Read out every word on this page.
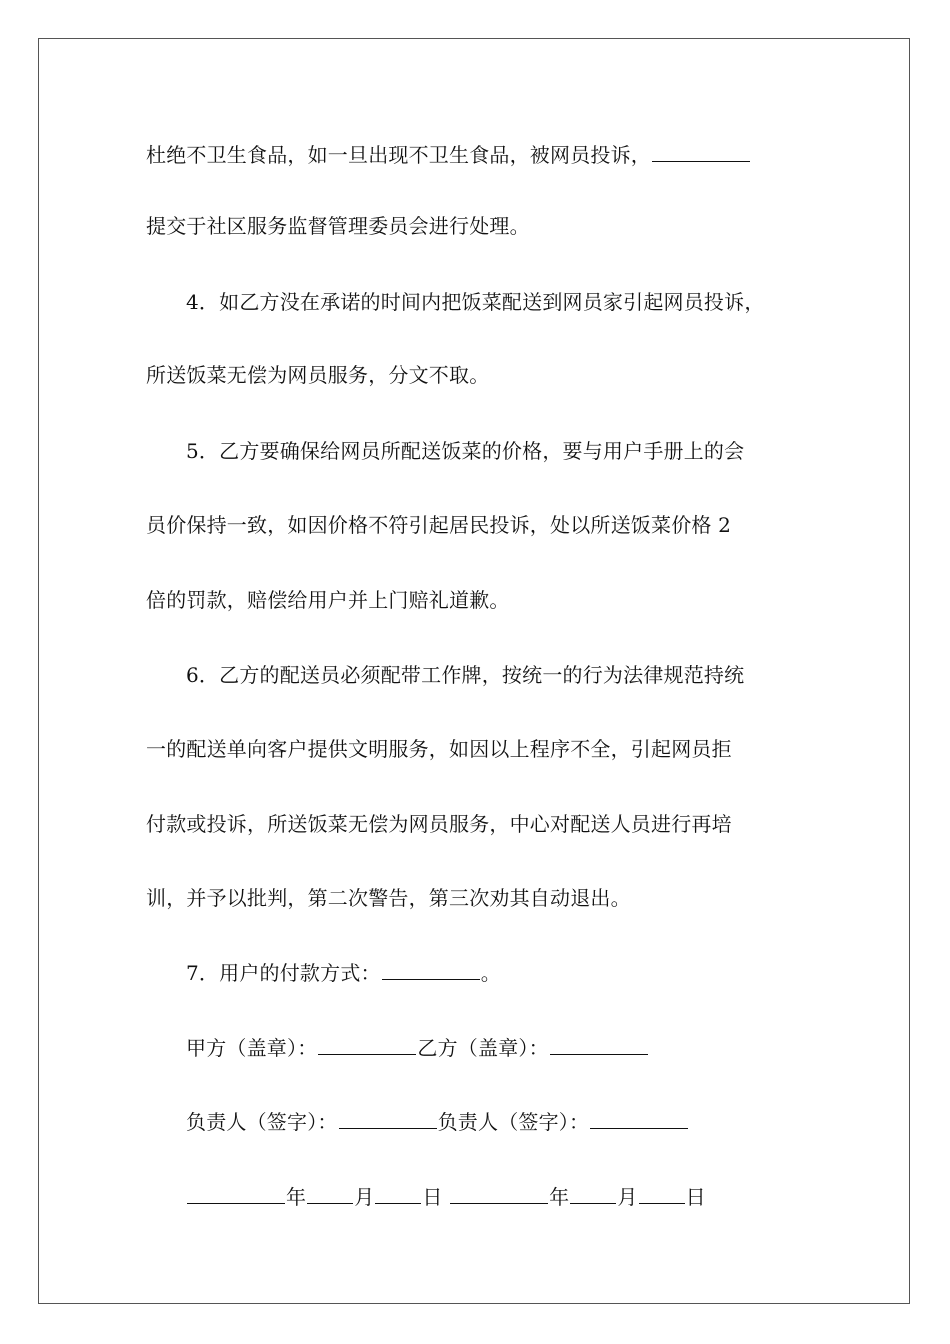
杜绝不卫生食品，如一旦出现不卫生食品，被网员投诉，
提交于社区服务监督管理委员会进行处理。
4．如乙方没在承诺的时间内把饭菜配送到网员家引起网员投诉，
所送饭菜无偿为网员服务，分文不取。
5．乙方要确保给网员所配送饭菜的价格，要与用户手册上的会
员价保持一致，如因价格不符引起居民投诉，处以所送饭菜价格 2
倍的罚款，赔偿给用户并上门赔礼道歉。
6．乙方的配送员必须配带工作牌，按统一的行为法律规范持统
一的配送单向客户提供文明服务，如因以上程序不全，引起网员拒
付款或投诉，所送饭菜无偿为网员服务，中心对配送人员进行再培
训，并予以批判，第二次警告，第三次劝其自动退出。
7．用户的付款方式：	。
甲方（盖章）：	乙方（盖章）：
负责人（签字）：	负责人（签字）：
年 月 日	年 月 日
